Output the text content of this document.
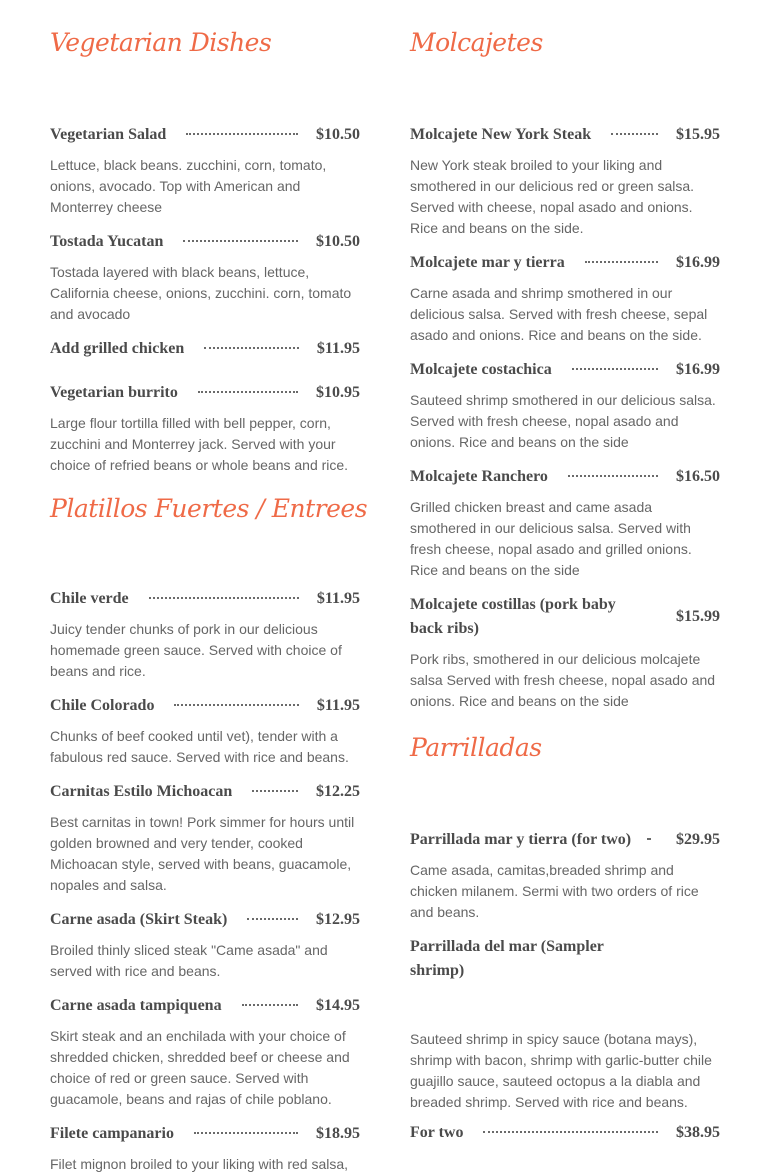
Vegetarian Dishes
Vegetarian Salad	$10.50
Lettuce, black beans. zucchini, corn, tomato, onions, avocado. Top with American and Monterrey cheese
Tostada Yucatan	$10.50
Tostada layered with black beans, lettuce, California cheese, onions, zucchini. corn, tomato and avocado
Add grilled chicken	$11.95
Vegetarian burrito	$10.95
Large flour tortilla filled with bell pepper, corn, zucchini and Monterrey jack. Served with your choice of refried beans or whole beans and rice.
Platillos Fuertes / Entrees
Chile verde	$11.95
Juicy tender chunks of pork in our delicious homemade green sauce. Served with choice of beans and rice.
Chile Colorado	$11.95
Chunks of beef cooked until vet), tender with a fabulous red sauce. Served with rice and beans.
Carnitas Estilo Michoacan	$12.25
Best carnitas in town! Pork simmer for hours until golden browned and very tender, cooked Michoacan style, served with beans, guacamole, nopales and salsa.
Carne asada (Skirt Steak)	$12.95
Broiled thinly sliced steak "Came asada" and served with rice and beans.
Carne asada tampiquena	$14.95
Skirt steak and an enchilada with your choice of shredded chicken, shredded beef or cheese and choice of red or green sauce. Served with guacamole, beans and rajas of chile poblano.
Filete campanario	$18.95
Filet mignon broiled to your liking with red salsa,
Molcajetes
Molcajete New York Steak	$15.95
New York steak broiled to your liking and smothered in our delicious red or green salsa. Served with cheese, nopal asado and onions. Rice and beans on the side.
Molcajete mar y tierra	$16.99
Carne asada and shrimp smothered in our delicious salsa. Served with fresh cheese, sepal asado and onions. Rice and beans on the side.
Molcajete costachica	$16.99
Sauteed shrimp smothered in our delicious salsa. Served with fresh cheese, nopal asado and onions. Rice and beans on the side
Molcajete Ranchero	$16.50
Grilled chicken breast and came asada smothered in our delicious salsa. Served with fresh cheese, nopal asado and grilled onions. Rice and beans on the side
Molcajete costillas (pork baby back ribs)
$15.99
Pork ribs, smothered in our delicious molcajete salsa Served with fresh cheese, nopal asado and onions. Rice and beans on the side
Parrilladas
Parrillada mar y tierra (for two)	$29.95
Came asada, camitas,breaded shrimp and chicken milanem. Sermi with two orders of rice and beans.
Parrillada del mar (Sampler shrimp)
Sauteed shrimp in spicy sauce (botana mays), shrimp with bacon, shrimp with garlic-butter chile guajillo sauce, sauteed octopus a la diabla and breaded shrimp. Served with rice and beans.
For two	$38.95
